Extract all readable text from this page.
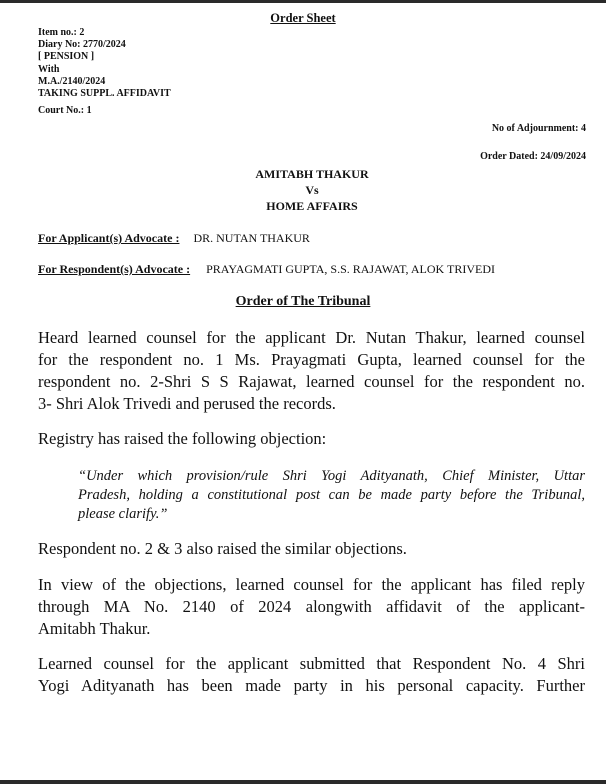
Order Sheet
Item no.: 2
Diary No: 2770/2024
[ PENSION ]
With
M.A./2140/2024
TAKING SUPPL. AFFIDAVIT
Court No.: 1
No of Adjournment: 4
Order Dated: 24/09/2024
AMITABH THAKUR
Vs
HOME AFFAIRS
For Applicant(s) Advocate : DR. NUTAN THAKUR
For Respondent(s) Advocate : PRAYAGMATI GUPTA, S.S. RAJAWAT, ALOK TRIVEDI
Order of The Tribunal
Heard learned counsel for the applicant Dr. Nutan Thakur, learned counsel
for the respondent no. 1 Ms. Prayagmati Gupta, learned counsel for the
respondent no. 2-Shri S S Rajawat, learned counsel for the respondent no.
3- Shri Alok Trivedi and perused the records.
Registry has raised the following objection:
“Under which provision/rule Shri Yogi Adityanath, Chief Minister, Uttar
Pradesh, holding a constitutional post can be made party before the Tribunal,
please clarify.”
Respondent no. 2 & 3 also raised the similar objections.
In view of the objections, learned counsel for the applicant has filed reply
through MA No. 2140 of 2024 alongwith affidavit of the applicant-
Amitabh Thakur.
Learned counsel for the applicant submitted that Respondent No. 4 Shri
Yogi Adityanath has been made party in his personal capacity. Further
